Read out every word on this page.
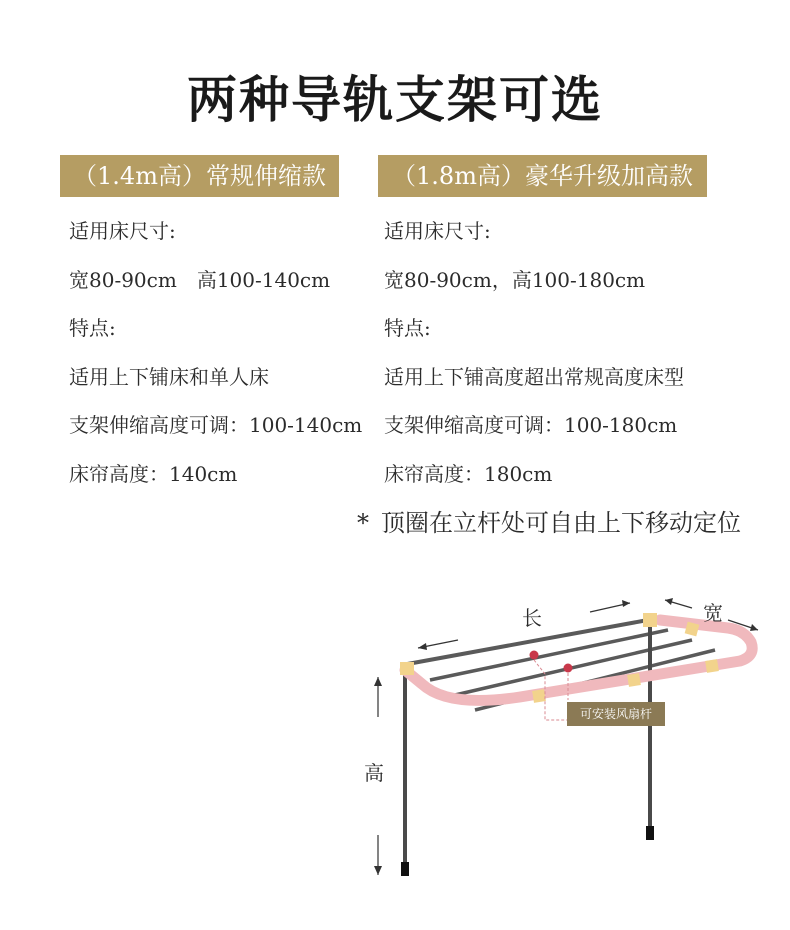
两种导轨支架可选
（1.4m高）常规伸缩款	（1.8m高）豪华升级加高款
适用床尺寸:
宽80-90cm　高100-140cm
特点:
适用上下铺床和单人床
支架伸缩高度可调：100-140cm
床帘高度：140cm
适用床尺寸:
宽80-90cm，高100-180cm
特点:
适用上下铺高度超出常规高度床型
支架伸缩高度可调：100-180cm
床帘高度：180cm
* 顶圈在立杆处可自由上下移动定位
长	宽
高
可安装风扇杆
